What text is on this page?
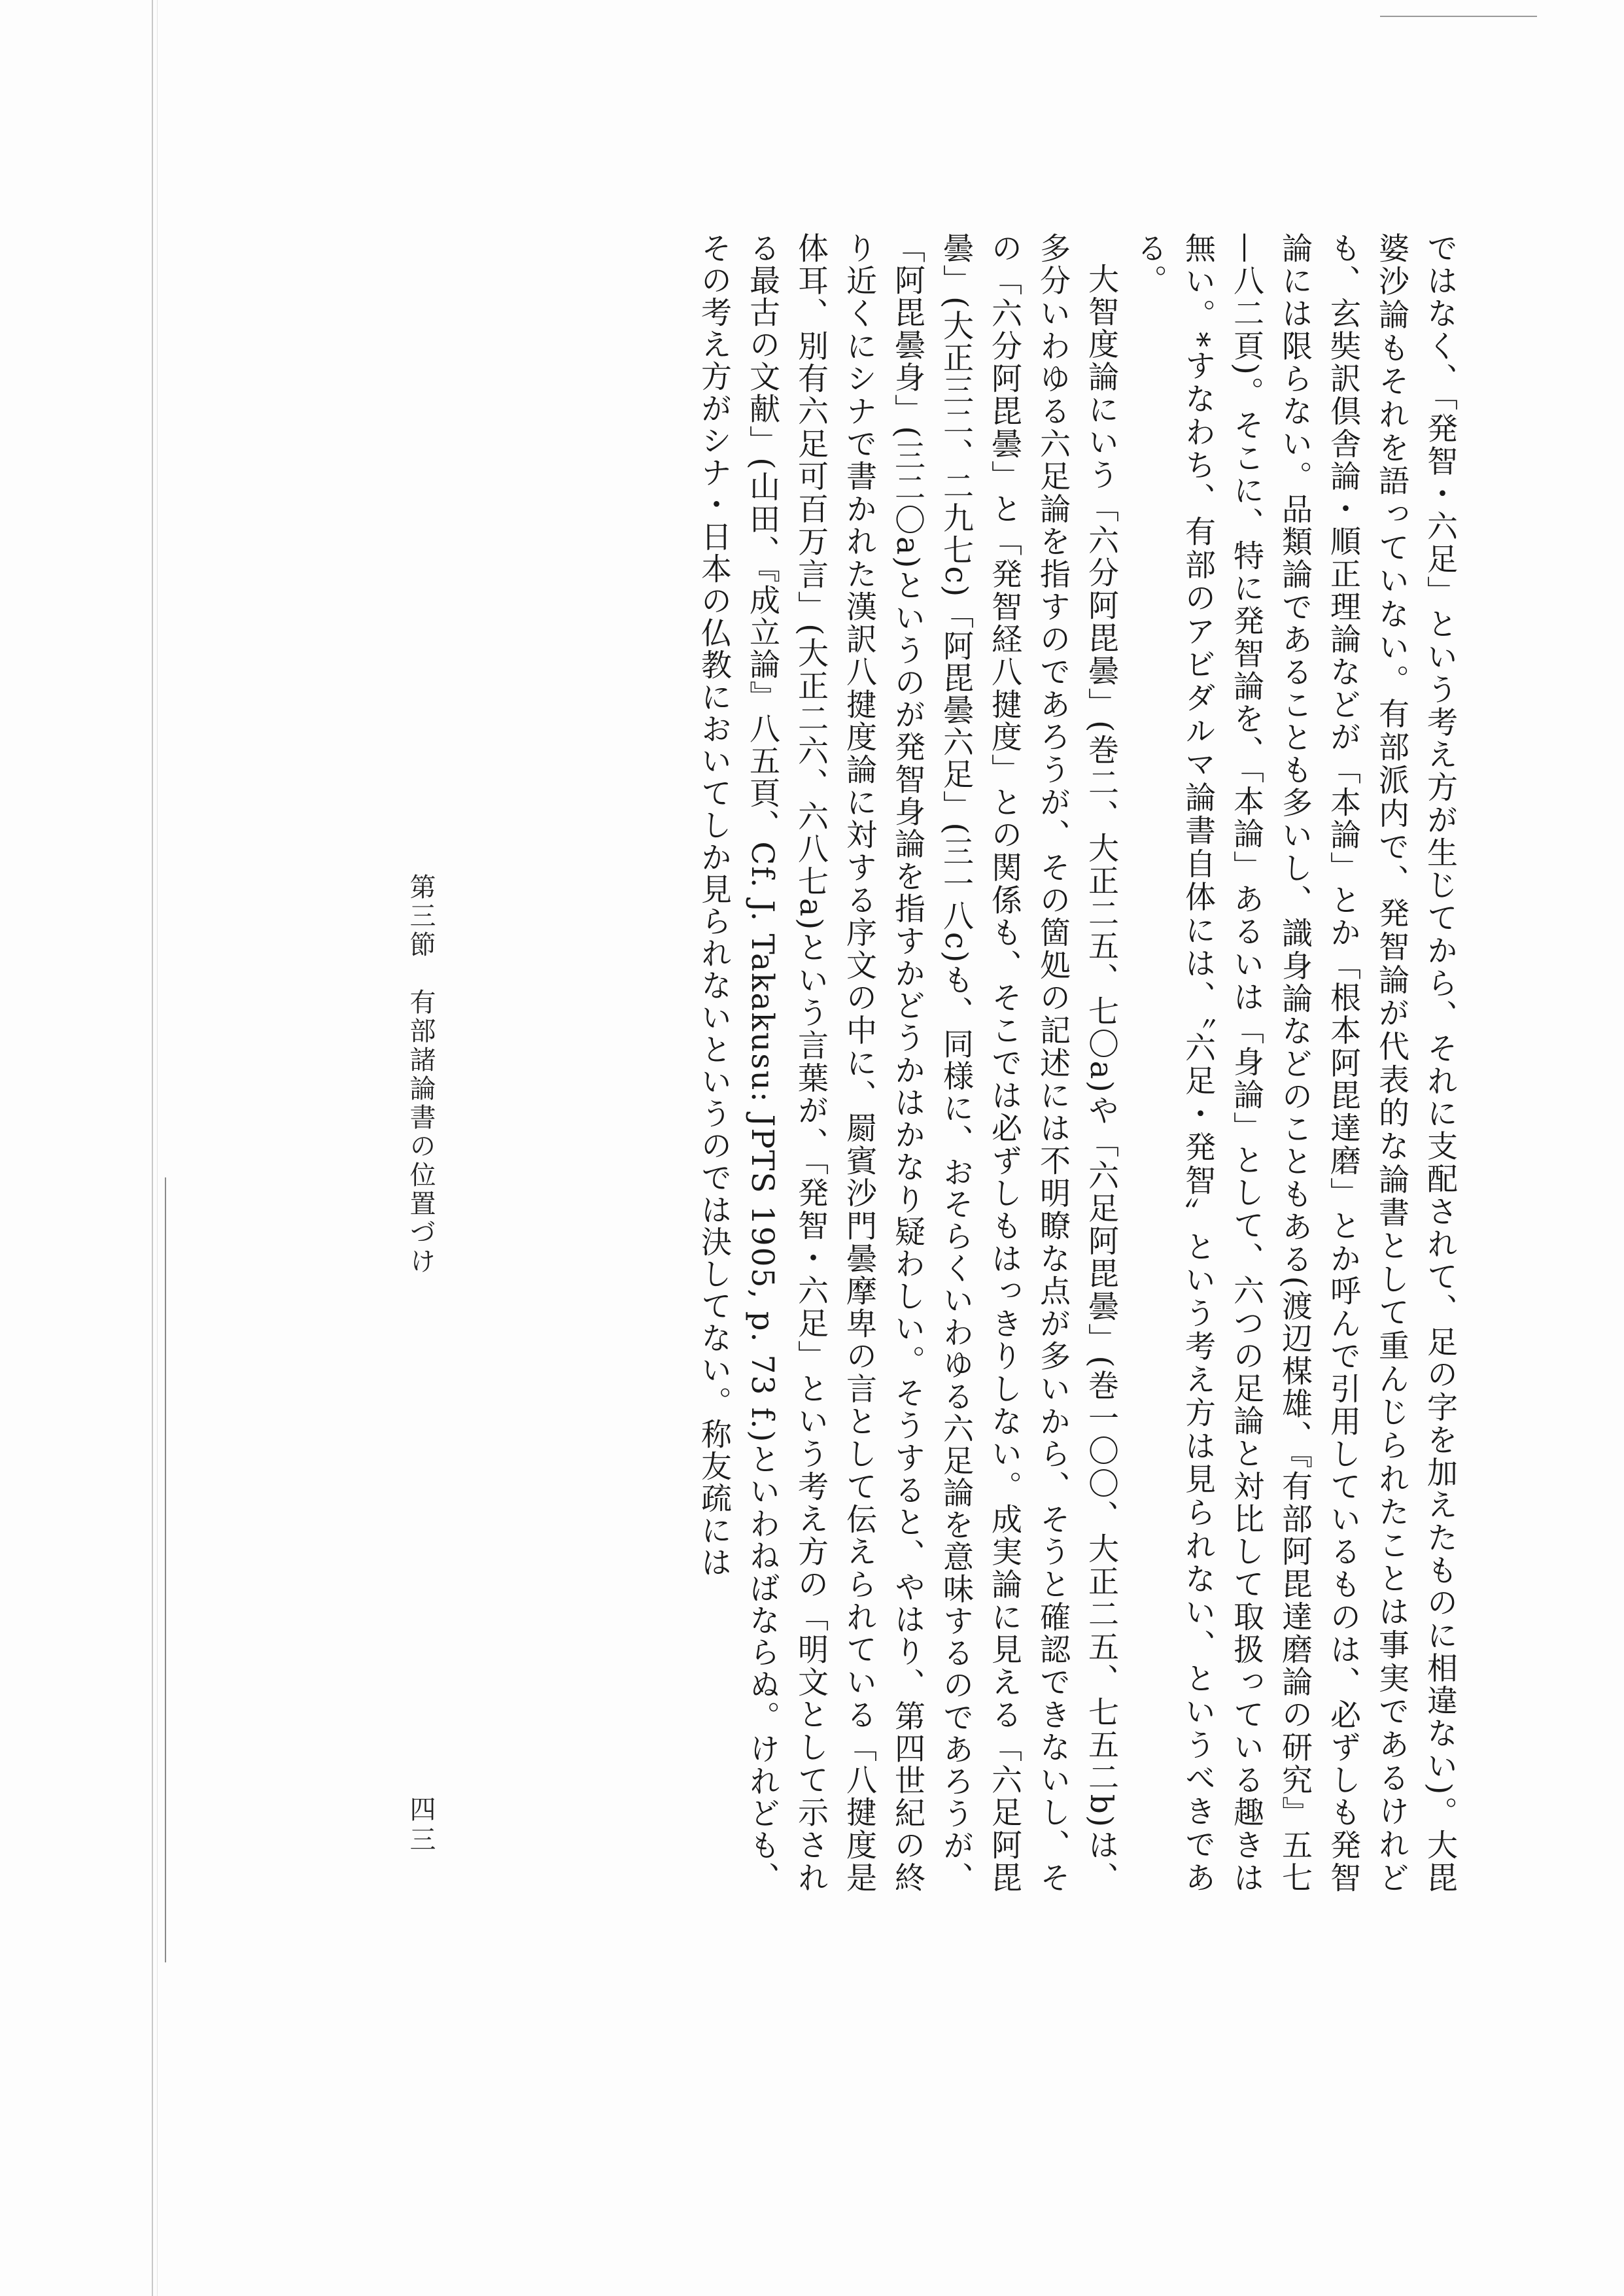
ではなく、「発智・六足」という考え方が生じてから、それに支配されて、足の字を加えたものに相違ない)。大毘婆沙論もそれを語っていない。有部派内で、発智論が代表的な論書として重んじられたことは事実であるけれども、玄奘訳倶舎論・順正理論などが「本論」とか「根本阿毘達磨」とか呼んで引用しているものは、必ずしも発智論には限らない。品類論であることも多いし、識身論などのこともある(渡辺楳雄、『有部阿毘達磨論の研究』五七—八二頁)。そこに、特に発智論を、「本論」あるいは「身論」として、六つの足論と対比して取扱っている趣きは無い。*すなわち、有部のアビダルマ論書自体には、〝六足・発智〟という考え方は見られない、というべきである。

大智度論にいう「六分阿毘曇」(巻二、大正二五、七〇a)や「六足阿毘曇」(巻一〇〇、大正二五、七五二b)は、多分いわゆる六足論を指すのであろうが、その箇処の記述には不明瞭な点が多いから、そうと確認できないし、その「六分阿毘曇」と「発智経八揵度」との関係も、そこでは必ずしもはっきりしない。成実論に見える「六足阿毘曇」(大正三二、二九七c)「阿毘曇六足」(三一八c)も、同様に、おそらくいわゆる六足論を意味するのであろうが、「阿毘曇身」(三二〇a)というのが発智身論を指すかどうかはかなり疑わしい。そうすると、やはり、第四世紀の終り近くにシナで書かれた漢訳八揵度論に対する序文の中に、罽賓沙門曇摩卑の言として伝えられている「八揵度是体耳、別有六足可百万言」(大正二六、六八七a)という言葉が、「発智・六足」という考え方の「明文として示される最古の文献」(山田、『成立論』八五頁、Cf. J. Takakusu: JPTS 1905, p. 73 f.)といわねばならぬ。けれども、その考え方がシナ・日本の仏教においてしか見られないというのでは決してない。称友疏には

第三節　有部諸論書の位置づけ
四三
